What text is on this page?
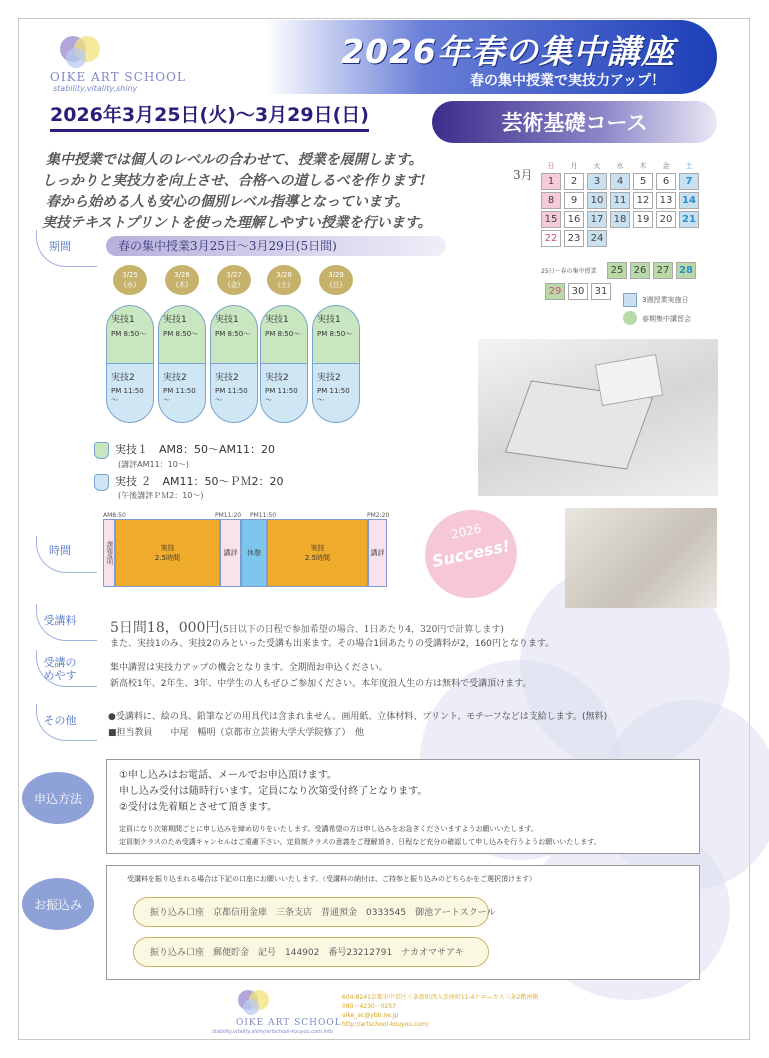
OIKE ART SCHOOL
stability,vitality,shiny
2026年春の集中講座
春の集中授業で実技力アップ！
2026年3月25日(火)～3月29日(日)	芸術基礎コース
集中授業では個人のレベルの合わせて、授業を展開します。
しっかりと実技力を向上させ、合格への道しるべを作ります!
春から始める人も安心の個別レベル指導となっています。
実技テキストプリントを使った理解しやすい授業を行います。
3月
日	月	火	水	木	金	土
1	2	3	4	5	6	7
8	9	10	11	12	13 14
15	16	17	18	19	20 21
22	23	24
25日～春の集中授業	25	26	27 28
29	30	31
3週授業実施日
春期集中講習会
期間
時間
受講料
受講の
めやす
その他
申込方法
お振込み
春の集中授業3月25日～3月29日(5日間)
3/25
(水)
実技1
PM 8:50～
実技2
PM 11:50～
3/26
(木)
実技1
PM 8:50～
実技2
PM 11:50～
3/27
(金)
実技1
PM 8:50～
実技2
PM 11:50～
3/28
(土)
実技1
PM 8:50～
実技2
PM 11:50～
3/29
(日)
実技1
PM 8:50～
実技2
PM 11:50～
実技１　AM8：50～AM11：20
(講評AM11：10～)
実技 ２　AM11：50～ＰＭ2：20
(午後講評ＰＭ2：10～)
2026
Success!
AM8:50	PM11:20 PM11:50	PM2:20
課題説明	実技
2.5時間
講評	休憩
実技
2.5時間
講評
5日間18，000円(5日以下の日程で参加希望の場合、1日あたり4，320円で計算します)
また、実技1のみ、実技2のみといった受講も出来ます。その場合1回あたりの受講料が2，160円となります。
集中講習は実技力アップの機会となります。全期間お申込ください。
新高校1年、2年生、3年、中学生の人もぜひご参加ください。本年度浪人生の方は無料で受講頂けます。
●受講料に、絵の具、鉛筆などの用具代は含まれません。画用紙、立体材料、プリント、モチーフなどは支給します。(無料)
■担当教員　　中尾　暢明（京都市立芸術大学大学院修了）　他
①申し込みはお電話、メールでお申込頂けます。
申し込み受付は随時行います。定員になり次第受付終了となります。
②受付は先着順とさせて頂きます。
定員になり次第期間ごとに申し込みを締め切りをいたします。受講希望の方は申し込みをお急ぎくださいますようお願いいたします。
定員制クラスのため受講キャンセルはご遠慮下さい。定員制クラスの意義をご理解頂き、日程など充分の確認して申し込みを行うようお願いいたします。
受講料を振り込まれる場合は下記の口座にお願いいたします。（受講料の納付は、ご持参と振り込みのどちらかをご選択頂けます）
振り込み口座　京都信用金庫　三条支店　普通預金　0333545　御池アートスクール
振り込み口座　郵便貯金　記号　144902　番号23212791　ナカオマサアキ
OIKE ART SCHOOL
stability,vitality,shiny/artschool-kouyou.com.info
604-8241京都市中京区三条新町西入釜座町11-4ケロ―カス三条2階南側
080－4230－0257
oike_ac@ybb.ne.jp
http://artschool-kouyou.com/
